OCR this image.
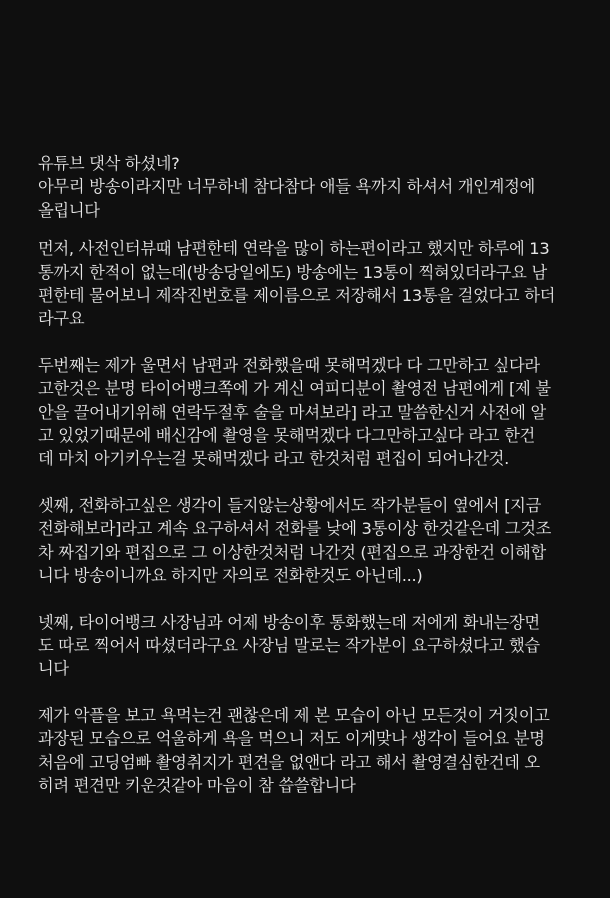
유튜브 댓삭 하셨네?
아무리 방송이라지만 너무하네 참다참다 애들 욕까지 하셔서 개인계정에
올립니다

먼저, 사전인터뷰때 남편한테 연락을 많이 하는편이라고 했지만 하루에 13
통까지 한적이 없는데(방송당일에도) 방송에는 13통이 찍혀있더라구요 남
편한테 물어보니 제작진번호를 제이름으로 저장해서 13통을 걸었다고 하더
라구요

두번째는 제가 울면서 남편과 전화했을때 못해먹겠다 다 그만하고 싶다라
고한것은 분명 타이어뱅크쪽에 가 계신 여피디분이 촬영전 남편에게 [제 불
안을 끌어내기위해 연락두절후 술을 마셔보라] 라고 말씀한신거 사전에 알
고 있었기때문에 배신감에 촬영을 못해먹겠다 다그만하고싶다 라고 한건
데 마치 아기키우는걸 못해먹겠다 라고 한것처럼 편집이 되어나간것.

셋째, 전화하고싶은 생각이 들지않는상황에서도 작가분들이 옆에서 [지금
전화해보라]라고 계속 요구하셔서 전화를 낮에 3통이상 한것같은데 그것조
차 짜집기와 편집으로 그 이상한것처럼 나간것 (편집으로 과장한건 이해합
니다 방송이니까요 하지만 자의로 전화한것도 아닌데...)

넷째, 타이어뱅크 사장님과 어제 방송이후 통화했는데 저에게 화내는장면
도 따로 찍어서 따셨더라구요 사장님 말로는 작가분이 요구하셨다고 했습
니다

제가 악플을 보고 욕먹는건 괜찮은데 제 본 모습이 아닌 모든것이 거짓이고
과장된 모습으로 억울하게 욕을 먹으니 저도 이게맞나 생각이 들어요 분명
처음에 고딩엄빠 촬영취지가 편견을 없앤다 라고 해서 촬영결심한건데 오
히려 편견만 키운것같아 마음이 참 씁쓸합니다
